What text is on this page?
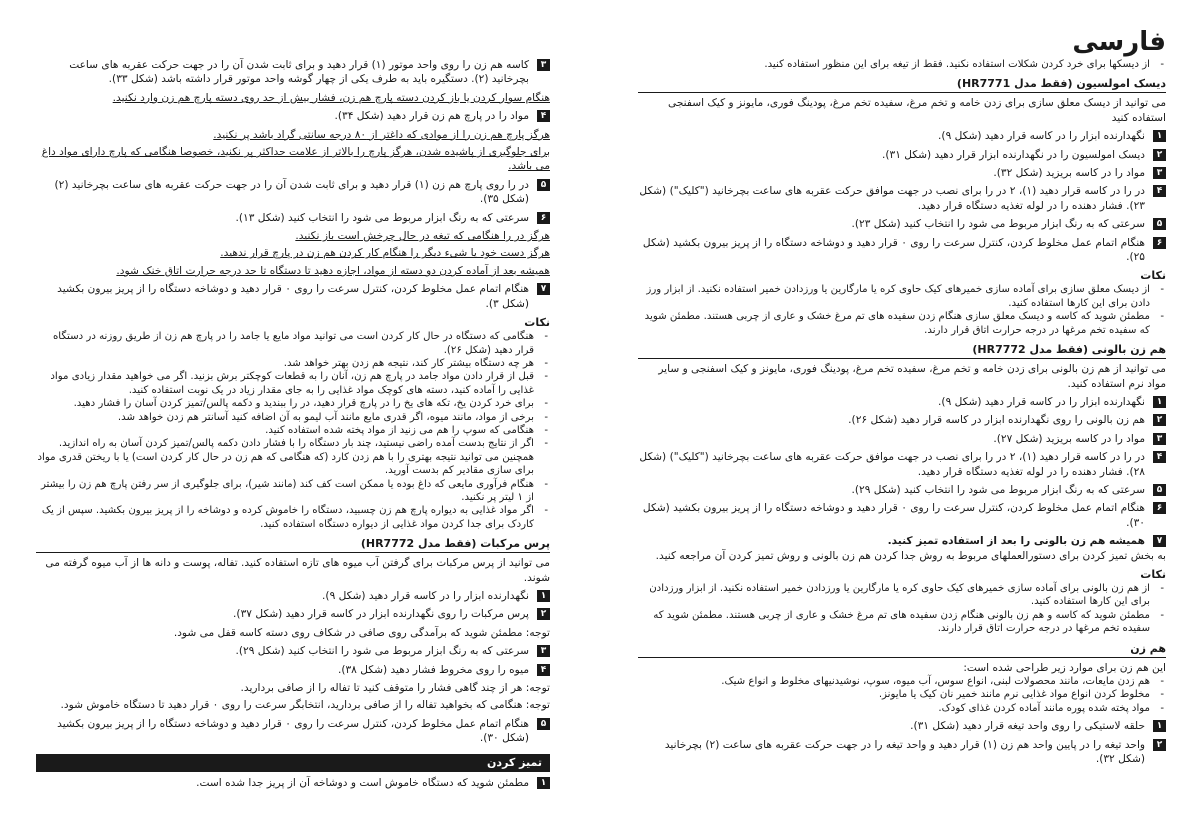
فارسی
- از دیسکها برای خرد کردن شکلات استفاده نکنید. فقط از تیغه برای این منظور استفاده کنید.
دیسک امولسیون (فقط مدل HR7771)
می توانید از دیسک معلق سازی برای زدن خامه و تخم مرغ، سفیده تخم مرغ، پودینگ فوری، مایونز و کیک اسفنجی استفاده کنید
۱
نگهدارنده ابزار را در کاسه قرار دهید (شکل ۹).
۲
دیسک امولسیون را در نگهدارنده ابزار قرار دهید (شکل ۳۱).
۳
مواد را در کاسه بریزید (شکل ۳۲).
۴
در را در کاسه قرار دهید (۱)، ۲ در را برای نصب در جهت موافق حرکت عقربه های ساعت بچرخانید ("کلیک") (شکل ۲۳). فشار دهنده را در لوله تغذیه دستگاه قرار دهید.
۵
سرعتی که به رنگ ابزار مربوط می شود را انتخاب کنید (شکل ۲۳).
۶
هنگام اتمام عمل مخلوط کردن، کنترل سرعت را روی ۰ قرار دهید و دوشاخه دستگاه را از پریز بیرون بکشید (شکل ۲۵).
نکات
- از دیسک معلق سازی برای آماده سازی خمیرهای کیک حاوی کره یا مارگارین یا ورزدادن خمیر استفاده نکنید. از ابزار ورز دادن برای این کارها استفاده کنید.
- مطمئن شوید که کاسه و دیسک معلق سازی هنگام زدن سفیده های تم مرغ خشک و عاری از چربی هستند. مطمئن شوید که سفیده تخم مرغها در درجه حرارت اتاق قرار دارند.
هم زن بالونی (فقط مدل HR7772)
می توانید از هم زن بالونی برای زدن خامه و تخم مرغ، سفیده تخم مرغ، پودینگ فوری، مایونز و کیک اسفنجی و سایر مواد نرم استفاده کنید.
۱
نگهدارنده ابزار را در کاسه قرار دهید (شکل ۹).
۲
هم زن بالونی را روی نگهدارنده ابزار در کاسه قرار دهید (شکل ۲۶).
۳
مواد را در کاسه بریزید (شکل ۲۷).
۴
در را در کاسه قرار دهید (۱)، ۲ در را برای نصب در جهت موافق حرکت عقربه های ساعت بچرخانید ("کلیک") (شکل ۲۸). فشار دهنده را در لوله تغذیه دستگاه قرار دهید.
۵
سرعتی که به رنگ ابزار مربوط می شود را انتخاب کنید (شکل ۲۹).
۶
هنگام اتمام عمل مخلوط کردن، کنترل سرعت را روی ۰ قرار دهید و دوشاخه دستگاه را از پریز بیرون بکشید (شکل ۳۰).
۷
همیشه هم زن بالونی را بعد از استفاده تمیز کنید.
به بخش تمیز کردن برای دستورالعملهای مربوط به روش جدا کردن هم زن بالونی و روش تمیز کردن آن مراجعه کنید.
نکات
- از هم زن بالونی برای آماده سازی خمیرهای کیک حاوی کره یا مارگارین یا ورزدادن خمیر استفاده نکنید. از ابزار ورزدادن برای این کارها استفاده کنید.
- مطمئن شوید که کاسه و هم زن بالونی هنگام زدن سفیده های تم مرغ خشک و عاری از چربی هستند. مطمئن شوید که سفیده تخم مرغها در درجه حرارت اتاق قرار دارند.
هم زن
این هم زن برای موارد زیر طراحی شده است:
- هم زدن مایعات، مانند محصولات لبنی، انواع سوس، آب میوه، سوپ، نوشیدنیهای مخلوط و انواع شیک.
- مخلوط کردن انواع مواد غذایی نرم مانند خمیر نان کیک یا مایونز.
- مواد پخته شده پوره مانند آماده کردن غذای کودک.
۱
حلقه لاستیکی را روی واحد تیغه قرار دهید (شکل ۳۱).
۲
واحد تیغه را در پایین واحد هم زن (۱) قرار دهید و واحد تیغه را در جهت حرکت عقربه های ساعت (۲) بچرخانید (شکل ۳۲).
۳
کاسه هم زن را روی واحد موتور (۱) قرار دهید و برای ثابت شدن آن را در جهت حرکت عقربه های ساعت بچرخانید (۲). دستگیره باید به طرف یکی از چهار گوشه واحد موتور قرار داشته باشد (شکل ۳۳).
هنگام سوار کردن یا باز کردن دسته پارچ هم زن، فشار بیش از حد روی دسته پارچ هم زن وارد نکنید.
۴
مواد را در پارچ هم زن قرار دهید (شکل ۳۴).
هرگز پارچ هم زن را از موادی که داغتر از ۸۰ درجه سانتی گراد باشد پر نکنید.
برای جلوگیری از پاشیده شدن، هرگز پارچ را بالاتر از علامت حداکثر پر نکنید، خصوصا هنگامی که پارچ دارای مواد داغ می باشد.
۵
در را روی پارچ هم زن (۱) قرار دهید و برای ثابت شدن آن را در جهت حرکت عقربه های ساعت بچرخانید (۲) (شکل ۳۵).
۶
سرعتی که به رنگ ابزار مربوط می شود را انتخاب کنید (شکل ۱۳).
هرگز در را هنگامی که تیغه در حال چرخش است باز نکنید.
هرگز دست خود یا شیء دیگر را هنگام کار کردن هم زن در پارچ قرار ندهید.
همیشه بعد از آماده کردن دو دسته از مواد، اجازه دهید تا دستگاه تا حد درجه حرارت اتاق خنک شود.
۷
هنگام اتمام عمل مخلوط کردن، کنترل سرعت را روی ۰ قرار دهید و دوشاخه دستگاه را از پریز بیرون بکشید (شکل ۳).
نکات
- هنگامی که دستگاه در حال کار کردن است می توانید مواد مایع یا جامد را در پارچ هم زن از طریق روزنه در دستگاه قرار دهید (شکل ۲۶).
- هر چه دستگاه بیشتر کار کند، نتیجه هم زدن بهتر خواهد شد.
- قبل از قرار دادن مواد جامد در پارچ هم زن، آنان را به قطعات کوچکتر برش بزنید. اگر می خواهید مقدار زیادی مواد غذایی را آماده کنید، دسته های کوچک مواد غذایی را به جای مقدار زیاد در یک نوبت استفاده کنید.
- برای خرد کردن یخ، تکه های یخ را در پارچ قرار دهید، در را ببندید و دکمه پالس/تمیز کردن آسان را فشار دهید.
- برخی از مواد، مانند میوه، اگر قدری مایع مانند آب لیمو به آن اضافه کنید آسانتر هم زدن خواهد شد.
- هنگامی که سوپ را هم می زنید از مواد پخته شده استفاده کنید.
- اگر از نتایج بدست آمده راضی نیستید، چند بار دستگاه را با فشار دادن دکمه پالس/تمیز کردن آسان به راه اندازید. همچنین می توانید نتیجه بهتری را با هم زدن کارد (که هنگامی که هم زن در حال کار کردن است) یا با ریختن قدری مواد برای سازی مقادیر کم بدست آورید.
- هنگام فرآوری مایعی که داغ بوده یا ممکن است کف کند (مانند شیر)، برای جلوگیری از سر رفتن پارچ هم زن را بیشتر از ۱ لیتر پر نکنید.
- اگر مواد غذایی به دیواره پارچ هم زن چسبید، دستگاه را خاموش کرده و دوشاخه را از پریز بیرون بکشید. سپس از یک کاردک برای جدا کردن مواد غذایی از دیواره دستگاه استفاده کنید.
پرس مرکبات (فقط مدل HR7772)
می توانید از پرس مرکبات برای گرفتن آب میوه های تازه استفاده کنید. تفاله، پوست و دانه ها از آب میوه گرفته می شوند.
۱
نگهدارنده ابزار را در کاسه قرار دهید (شکل ۹).
۲
پرس مرکبات را روی نگهدارنده ابزار در کاسه قرار دهید (شکل ۳۷).
توجه: مطمئن شوید که برآمدگی روی صافی در شکاف روی دسته کاسه قفل می شود.
۳
سرعتی که به رنگ ابزار مربوط می شود را انتخاب کنید (شکل ۲۹).
۴
میوه را روی مخروط فشار دهید (شکل ۳۸).
توجه: هر از چند گاهی فشار را متوقف کنید تا تفاله را از صافی بردارید.
توجه: هنگامی که بخواهید تفاله را از صافی بردارید، انتخابگر سرعت را روی ۰ قرار دهید تا دستگاه خاموش شود.
۵
هنگام اتمام عمل مخلوط کردن، کنترل سرعت را روی ۰ قرار دهید و دوشاخه دستگاه را از پریز بیرون بکشید (شکل ۳۰).
تمیز کردن
۱
مطمئن شوید که دستگاه خاموش است و دوشاخه آن از پریز جدا شده است.
